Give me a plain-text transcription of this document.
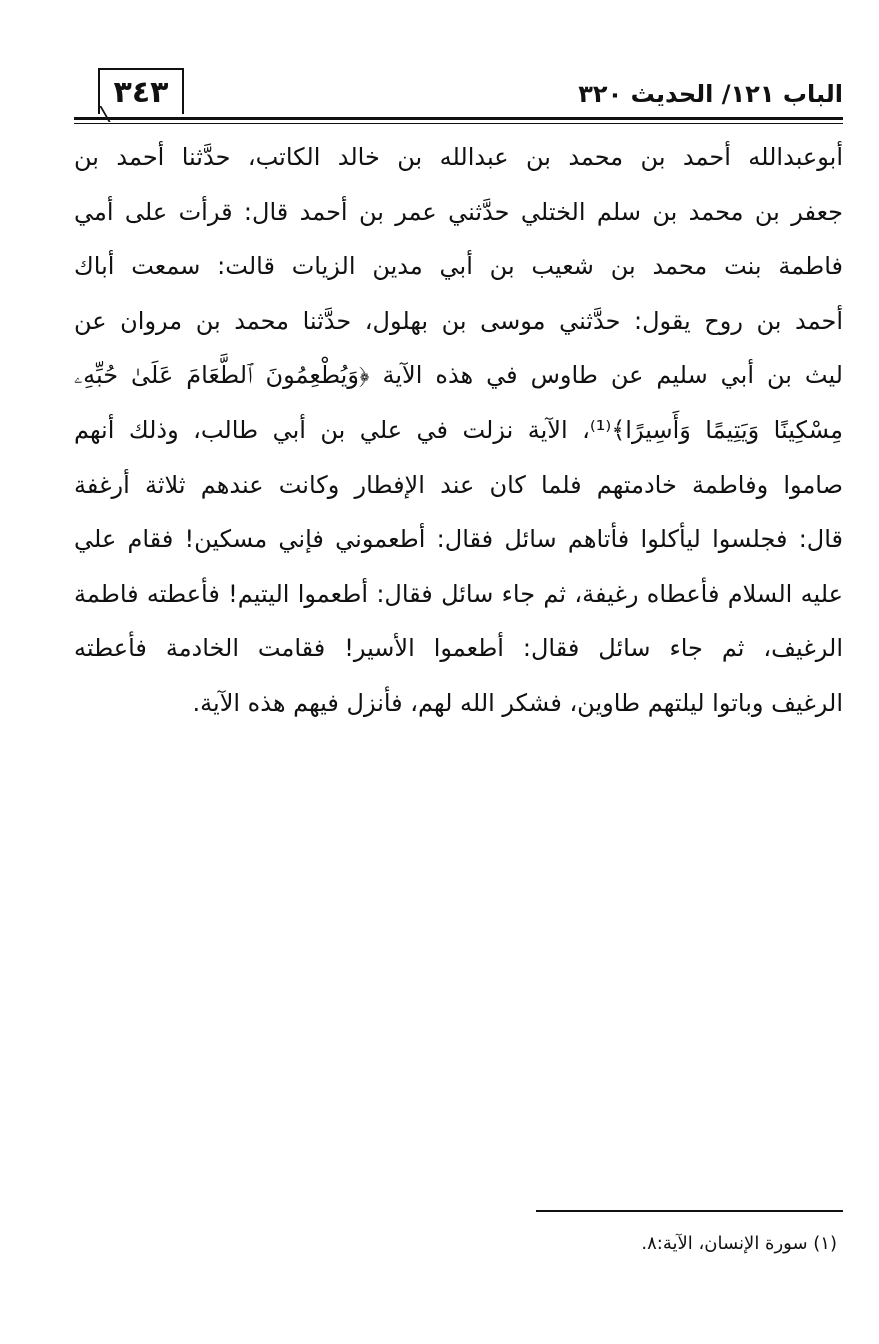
٣٤٣	الباب ١٢١/ الحديث ٣٢٠
أبوعبدالله أحمد بن محمد بن عبدالله بن خالد الكاتب، حدَّثنا أحمد بن
جعفر بن محمد بن سلم الختلي حدَّثني عمر بن أحمد قال: قرأت على أمي
فاطمة بنت محمد بن شعيب بن أبي مدين الزيات قالت: سمعت أباك
أحمد بن روح يقول: حدَّثني موسى بن بهلول، حدَّثنا محمد بن مروان عن
ليث بن أبي سليم عن طاوس في هذه الآية ﴿وَيُطْعِمُونَ ٱلطَّعَامَ عَلَىٰ حُبِّهِۦ
مِسْكِينًا وَيَتِيمًا وَأَسِيرًا﴾⁽¹⁾، الآية نزلت في علي بن أبي طالب، وذلك أنهم
صاموا وفاطمة خادمتهم فلما كان عند الإفطار وكانت عندهم ثلاثة أرغفة
قال: فجلسوا ليأكلوا فأتاهم سائل فقال: أطعموني فإني مسكين! فقام علي
عليه السلام فأعطاه رغيفة، ثم جاء سائل فقال: أطعموا اليتيم! فأعطته فاطمة
الرغيف، ثم جاء سائل فقال: أطعموا الأسير! فقامت الخادمة فأعطته
الرغيف وباتوا ليلتهم طاوين، فشكر الله لهم، فأنزل فيهم هذه الآية.
(١) سورة الإنسان، الآية:٨.
